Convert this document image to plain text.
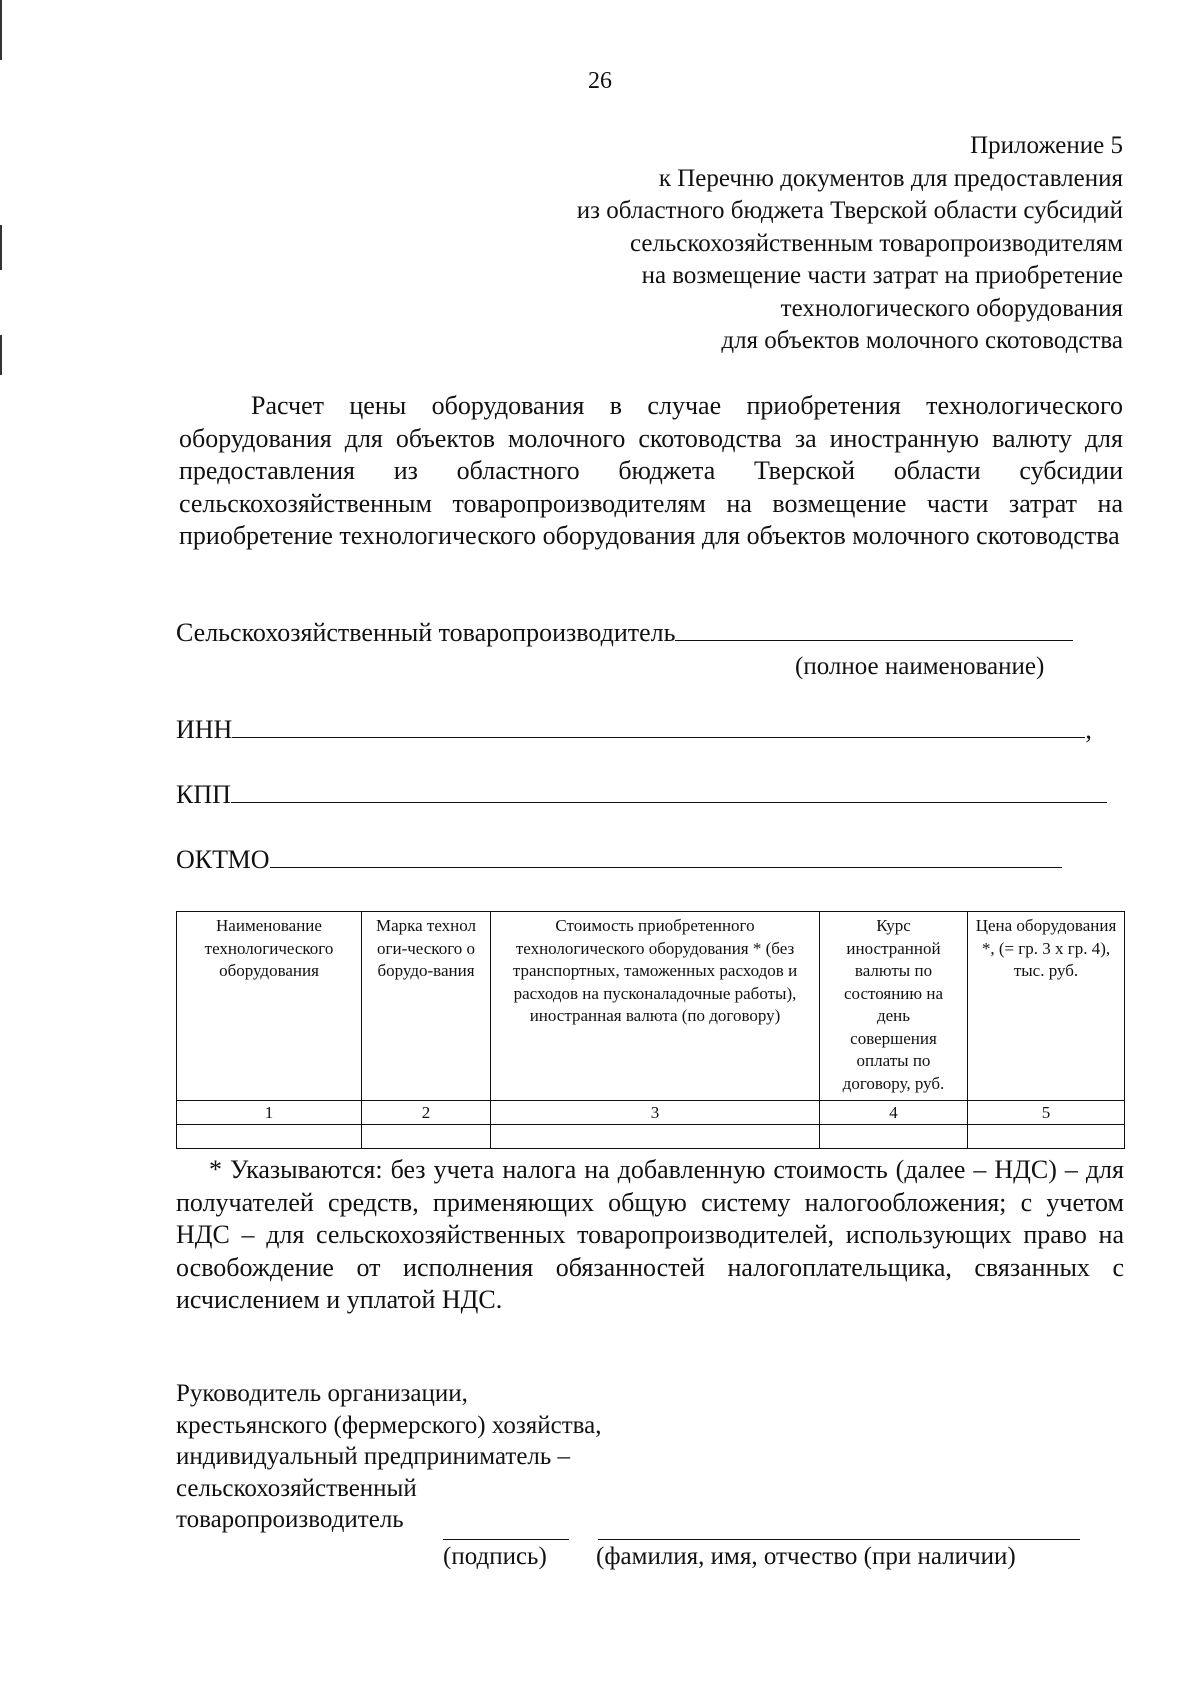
26
Приложение 5
к Перечню документов для предоставления
из областного бюджета Тверской области субсидий
сельскохозяйственным товаропроизводителям
на возмещение части затрат на приобретение
технологического оборудования
для объектов молочного скотоводства
Расчет цены оборудования в случае приобретения технологического оборудования для объектов молочного скотоводства за иностранную валюту для предоставления из областного бюджета Тверской области субсидии сельскохозяйственным товаропроизводителям на возмещение части затрат на приобретение технологического оборудования для объектов молочного скотоводства
Сельскохозяйственный товаропроизводитель
(полное наименование)
ИНН	,
КПП
ОКТМО
Наименование технологического оборудования	Марка технологи-ческого оборудо-вания	Стоимость приобретенного технологического оборудования * (без транспортных, таможенных расходов и расходов на пусконаладочные работы), иностранная валюта (по договору)	Курс иностранной валюты по состоянию на день совершения оплаты по договору, руб.	Цена оборудования *, (= гр. 3 х гр. 4), тыс. руб.

1	2	3	4	5

* Указываются: без учета налога на добавленную стоимость (далее – НДС) – для получателей средств, применяющих общую систему налогообложения; с учетом НДС – для сельскохозяйственных товаропроизводителей, использующих право на освобождение от исполнения обязанностей налогоплательщика, связанных с исчислением и уплатой НДС.
Руководитель организации,
крестьянского (фермерского) хозяйства,
индивидуальный предприниматель –
сельскохозяйственный
товаропроизводитель
(подпись) (фамилия, имя, отчество (при наличии)
